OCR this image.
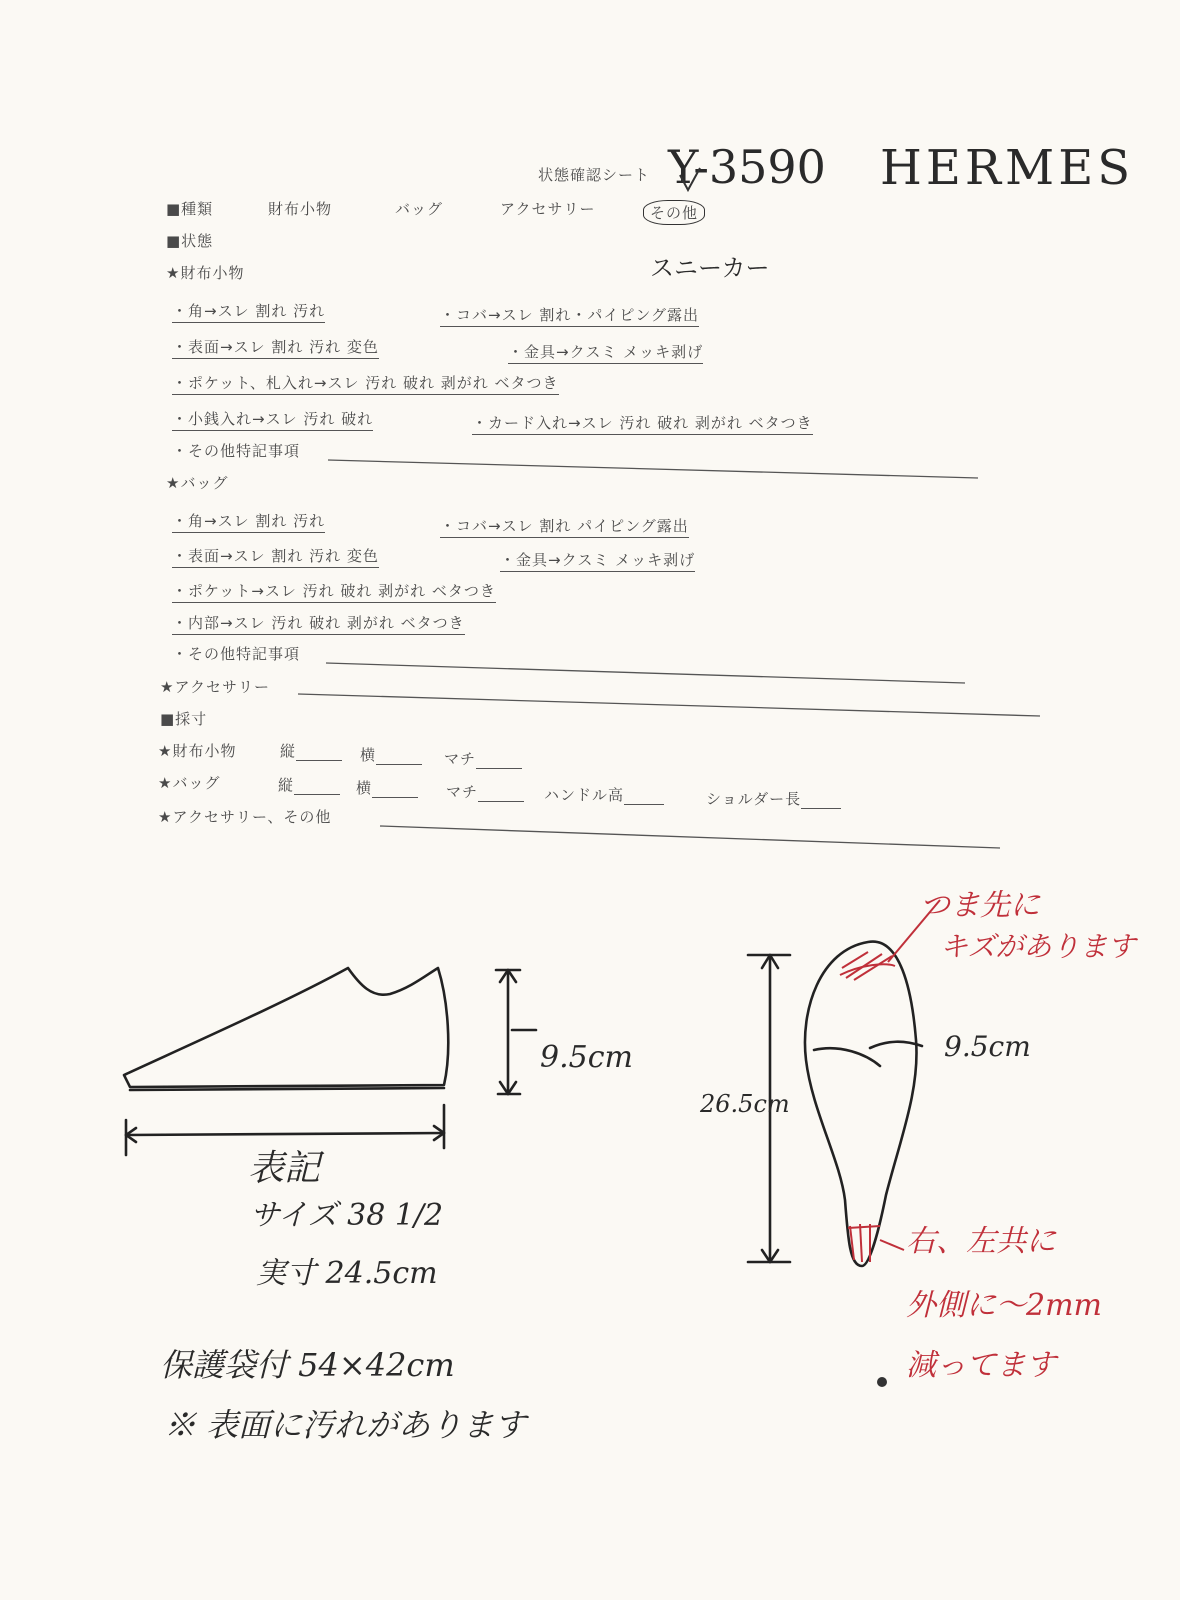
状態確認シート Y-3590 HERMES
■種類	財布小物	バッグ	アクセサリー	その他
■状態
スニーカー
★財布小物
・角→スレ 割れ 汚れ	・コバ→スレ 割れ・パイピング露出
・表面→スレ 割れ 汚れ 変色	・金具→クスミ メッキ剥げ
・ポケット、札入れ→スレ 汚れ 破れ 剥がれ ベタつき
・小銭入れ→スレ 汚れ 破れ	・カード入れ→スレ 汚れ 破れ 剥がれ ベタつき
・その他特記事項
★バッグ
・角→スレ 割れ 汚れ	・コバ→スレ 割れ パイピング露出
・表面→スレ 割れ 汚れ 変色	・金具→クスミ メッキ剥げ
・ポケット→スレ 汚れ 破れ 剥がれ ベタつき
・内部→スレ 汚れ 破れ 剥がれ ベタつき
・その他特記事項
★アクセサリー
■採寸
★財布小物	縦	横	マチ
★バッグ	縦	横	マチ	ハンドル高	ショルダー長
★アクセサリー、その他
9.5cm
表記
サイズ 38 1/2
実寸 24.5cm
26.5cm
9.5cm
保護袋付 54×42cm
※ 表面に汚れがあります
つま先に
キズがあります
右、左共に
外側に～2mm
減ってます
